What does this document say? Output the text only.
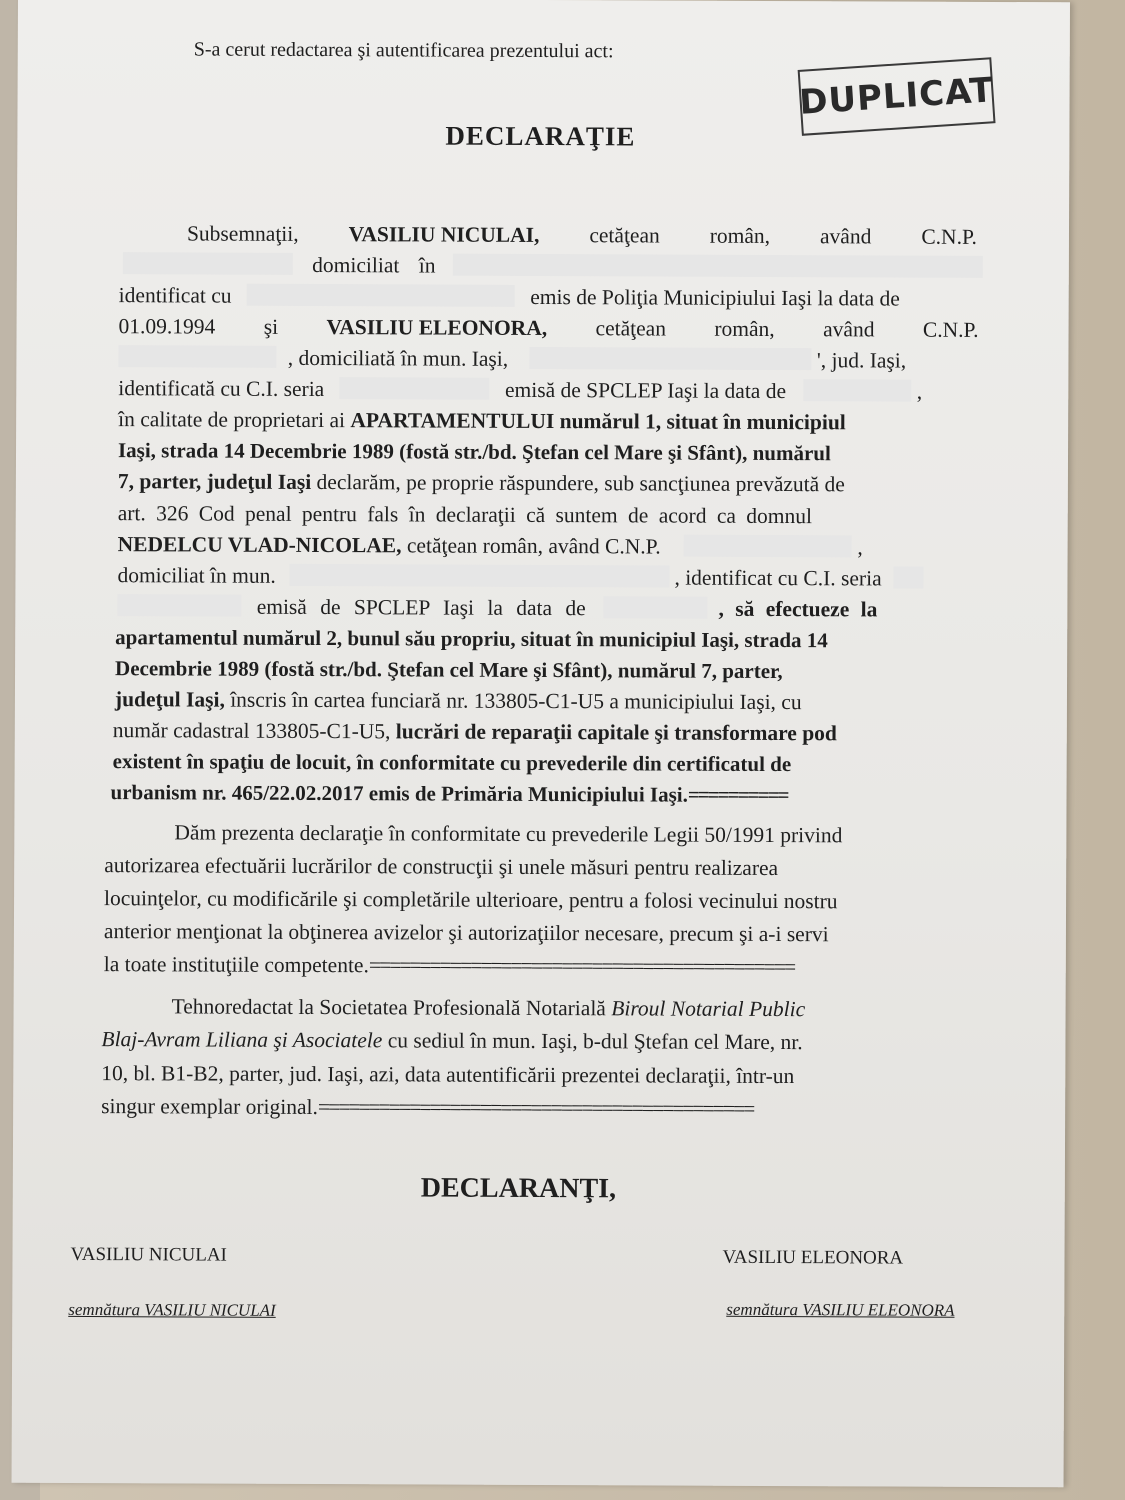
S-a cerut redactarea şi autentificarea prezentului act:
DUPLICAT
DECLARAŢIE
Subsemnaţii, VASILIU NICULAI, cetăţean român, având C.N.P.
domiciliat în
identificat cu	emis de Poliţia Municipiului Iaşi la data de
01.09.1994 şi VASILIU ELEONORA, cetăţean român, având C.N.P.
, domiciliată în mun. Iaşi,	', jud. Iaşi,
identificată cu C.I. seria	emisă de SPCLEP Iaşi la data de	,
în calitate de proprietari ai APARTAMENTULUI numărul 1, situat în municipiul
Iaşi, strada 14 Decembrie 1989 (fostă str./bd. Ştefan cel Mare şi Sfânt), numărul
7, parter, judeţul Iaşi declarăm, pe proprie răspundere, sub sancţiunea prevăzută de
art. 326 Cod penal pentru fals în declaraţii că suntem de acord ca domnul
NEDELCU VLAD-NICOLAE, cetăţean român, având C.N.P.	,
domiciliat în mun.	, identificat cu C.I. seria
emisă de SPCLEP Iaşi la data de	, să efectueze la
apartamentul numărul 2, bunul său propriu, situat în municipiul Iaşi, strada 14
Decembrie 1989 (fostă str./bd. Ştefan cel Mare şi Sfânt), numărul 7, parter,
judeţul Iaşi, înscris în cartea funciară nr. 133805-C1-U5 a municipiului Iaşi, cu
număr cadastral 133805-C1-U5, lucrări de reparaţii capitale şi transformare pod
existent în spaţiu de locuit, în conformitate cu prevederile din certificatul de
urbanism nr. 465/22.02.2017 emis de Primăria Municipiului Iaşi.==========
Dăm prezenta declaraţie în conformitate cu prevederile Legii 50/1991 privind
autorizarea efectuării lucrărilor de construcţii şi unele măsuri pentru realizarea
locuinţelor, cu modificările şi completările ulterioare, pentru a folosi vecinului nostru
anterior menţionat la obţinerea avizelor şi autorizaţiilor necesare, precum şi a-i servi
la toate instituţiile competente.==========================================
Tehnoredactat la Societatea Profesională Notarială Biroul Notarial Public
Blaj-Avram Liliana şi Asociatele cu sediul în mun. Iaşi, b-dul Ştefan cel Mare, nr.
10, bl. B1-B2, parter, jud. Iaşi, azi, data autentificării prezentei declaraţii, într-un
singur exemplar original.===========================================
DECLARANŢI,
VASILIU NICULAI	VASILIU ELEONORA
semnătura VASILIU NICULAI	semnătura VASILIU ELEONORA
